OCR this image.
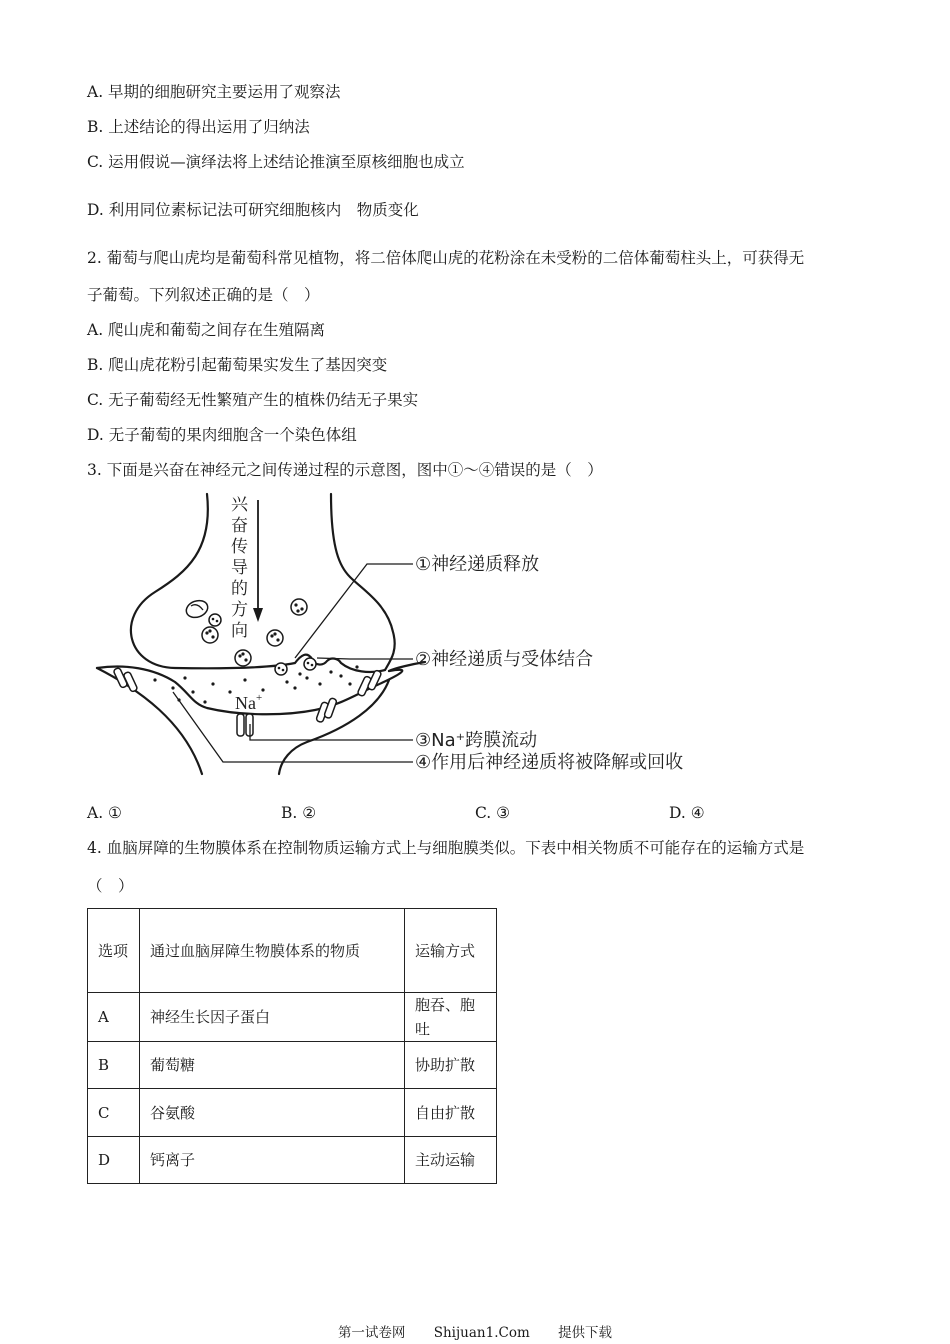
A. 早期的细胞研究主要运用了观察法
B. 上述结论的得出运用了归纳法
C. 运用假说—演绎法将上述结论推演至原核细胞也成立
D. 利用同位素标记法可研究细胞核内　物质变化
2. 葡萄与爬山虎均是葡萄科常见植物，将二倍体爬山虎的花粉涂在未受粉的二倍体葡萄柱头上，可获得无
子葡萄。下列叙述正确的是（　）
A. 爬山虎和葡萄之间存在生殖隔离
B. 爬山虎花粉引起葡萄果实发生了基因突变
C. 无子葡萄经无性繁殖产生的植株仍结无子果实
D. 无子葡萄的果肉细胞含一个染色体组
3. 下面是兴奋在神经元之间传递过程的示意图，图中①～④错误的是（　）
Na+
兴
奋
传
导
的
方
向
①神经递质释放
②神经递质与受体结合
③Na⁺跨膜流动
④作用后神经递质将被降解或回收
A. ①	B. ②	C. ③	D. ④
4. 血脑屏障的生物膜体系在控制物质运输方式上与细胞膜类似。下表中相关物质不可能存在的运输方式是
（　）
选项	通过血脑屏障生物膜体系的物质	运输方式
A	神经生长因子蛋白	胞吞、胞吐
B	葡萄糖	协助扩散
C	谷氨酸	自由扩散
D	钙离子	主动运输
第一试卷网 Shijuan1.Com 提供下载
